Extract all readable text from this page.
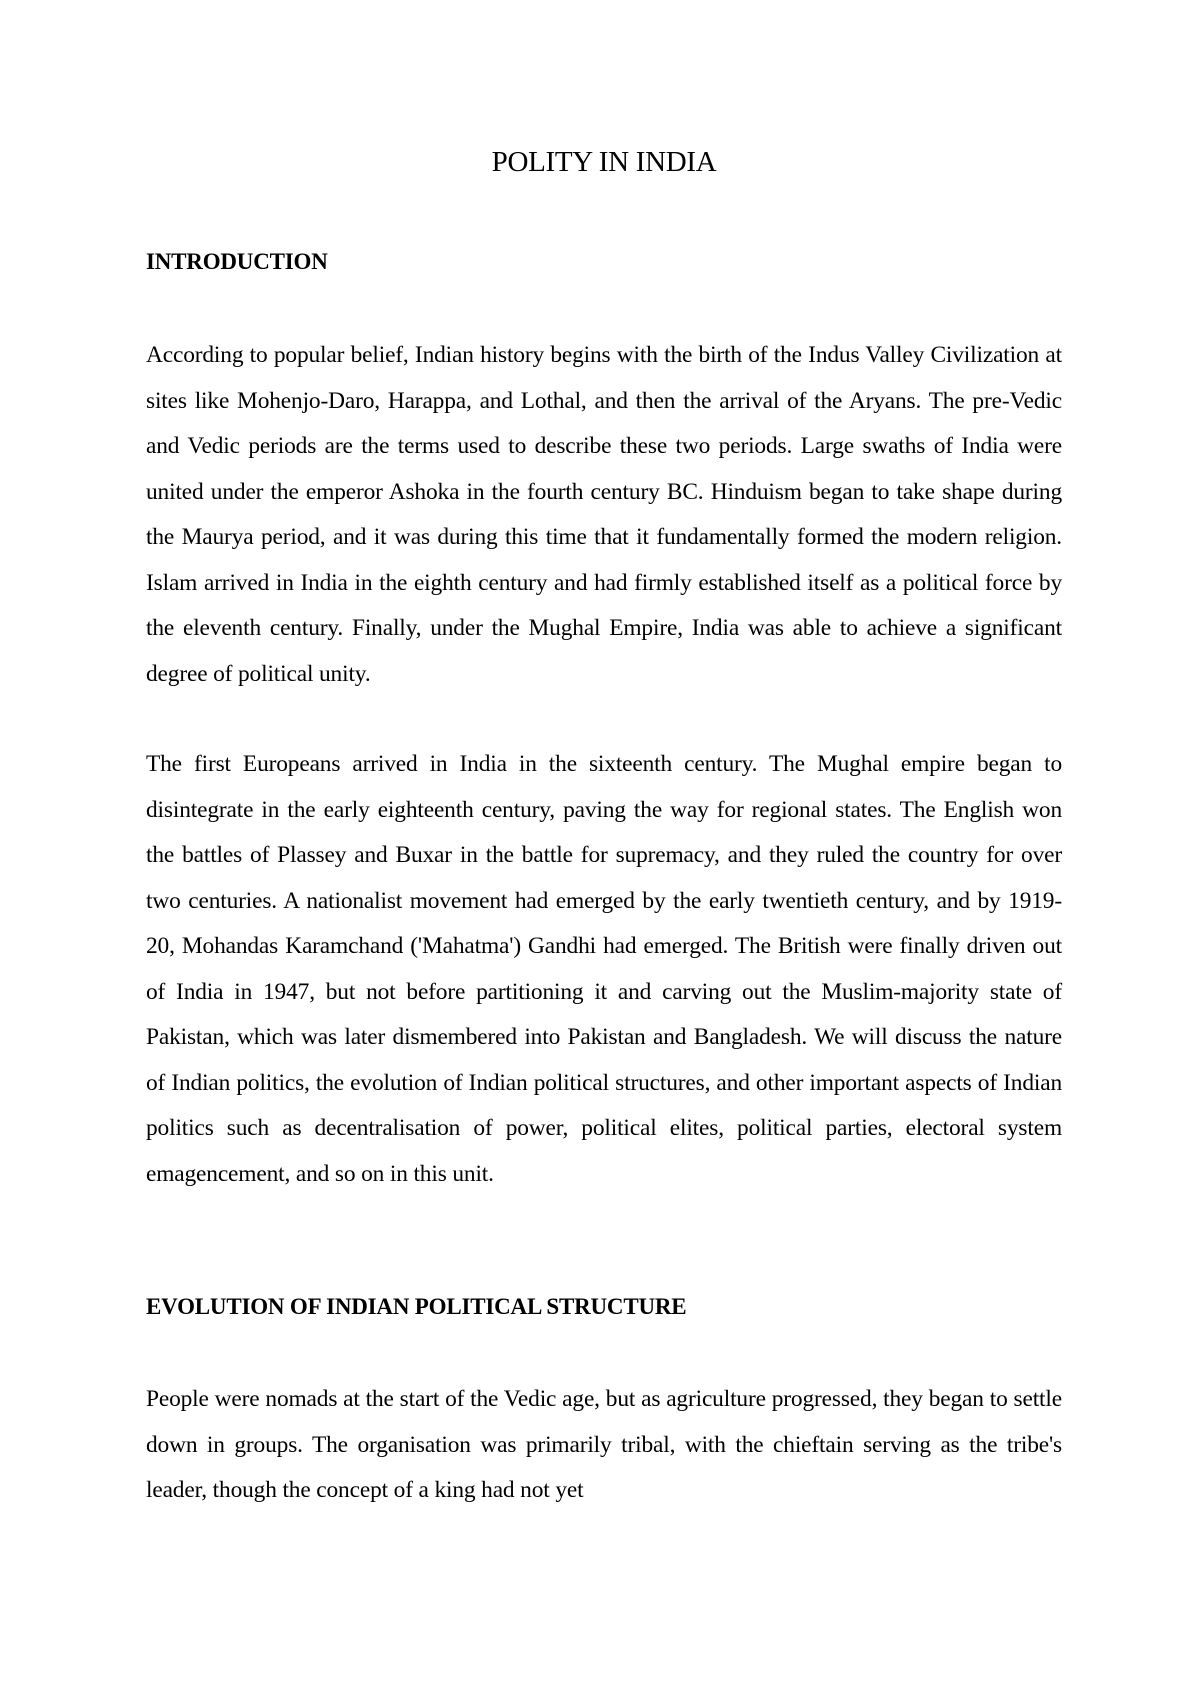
POLITY IN INDIA
INTRODUCTION

According to popular belief, Indian history begins with the birth of the Indus Valley Civilization at sites like Mohenjo-Daro, Harappa, and Lothal, and then the arrival of the Aryans. The pre-Vedic and Vedic periods are the terms used to describe these two periods. Large swaths of India were united under the emperor Ashoka in the fourth century BC. Hinduism began to take shape during the Maurya period, and it was during this time that it fundamentally formed the modern religion. Islam arrived in India in the eighth century and had firmly established itself as a political force by the eleventh century. Finally, under the Mughal Empire, India was able to achieve a significant degree of political unity.

The first Europeans arrived in India in the sixteenth century. The Mughal empire began to disintegrate in the early eighteenth century, paving the way for regional states. The English won the battles of Plassey and Buxar in the battle for supremacy, and they ruled the country for over two centuries. A nationalist movement had emerged by the early twentieth century, and by 1919-20, Mohandas Karamchand ('Mahatma') Gandhi had emerged. The British were finally driven out of India in 1947, but not before partitioning it and carving out the Muslim-majority state of Pakistan, which was later dismembered into Pakistan and Bangladesh. We will discuss the nature of Indian politics, the evolution of Indian political structures, and other important aspects of Indian politics such as decentralisation of power, political elites, political parties, electoral system emagencement, and so on in this unit.

EVOLUTION OF INDIAN POLITICAL STRUCTURE

People were nomads at the start of the Vedic age, but as agriculture progressed, they began to settle down in groups. The organisation was primarily tribal, with the chieftain serving as the tribe's leader, though the concept of a king had not yet
